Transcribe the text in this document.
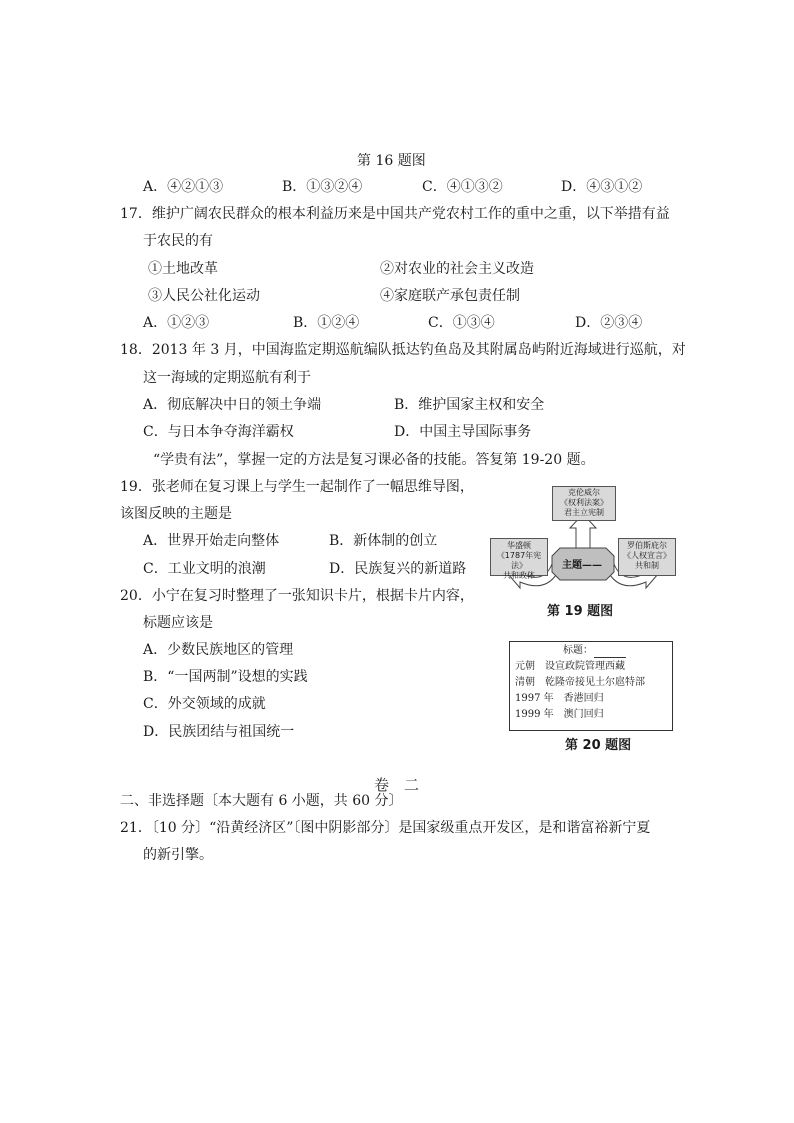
第 16 题图
A．④②①③	B．①③②④	C．④①③②	D．④③①②
17．维护广阔农民群众的根本利益历来是中国共产党农村工作的重中之重，以下举措有益
于农民的有
①土地改革	②对农业的社会主义改造
③人民公社化运动	④家庭联产承包责任制
A．①②③	B．①②④	C．①③④	D．②③④
18．2013 年 3 月，中国海监定期巡航编队抵达钓鱼岛及其附属岛屿附近海域进行巡航，对
这一海域的定期巡航有利于
A．彻底解决中日的领土争端	B．维护国家主权和安全
C．与日本争夺海洋霸权	D．中国主导国际事务
“学贵有法”，掌握一定的方法是复习课必备的技能。答复第 19-20 题。
19．张老师在复习课上与学生一起制作了一幅思维导图，
该图反映的主题是
A．世界开始走向整体	B．新体制的创立
C．工业文明的浪潮	D．民族复兴的新道路
克伦威尔
《权利法案》
君主立宪制
华盛顿
《1787年宪法》
共和政体
罗伯斯庇尔
《人权宣言》
共和制
主题——
第 19 题图
20．小宁在复习时整理了一张知识卡片，根据卡片内容，
标题应该是
A．少数民族地区的管理
B．“一国两制”设想的实践
C．外交领域的成就
D．民族团结与祖国统一
标题：
元朝　设宣政院管理西藏
清朝　乾隆帝接见土尔扈特部
1997 年　香港回归
1999 年　澳门回归
第 20 题图
卷　二
二、非选择题〔本大题有 6 小题，共 60 分〕
21．〔10 分〕“沿黄经济区”〔图中阴影部分〕是国家级重点开发区，是和谐富裕新宁夏
的新引擎。
